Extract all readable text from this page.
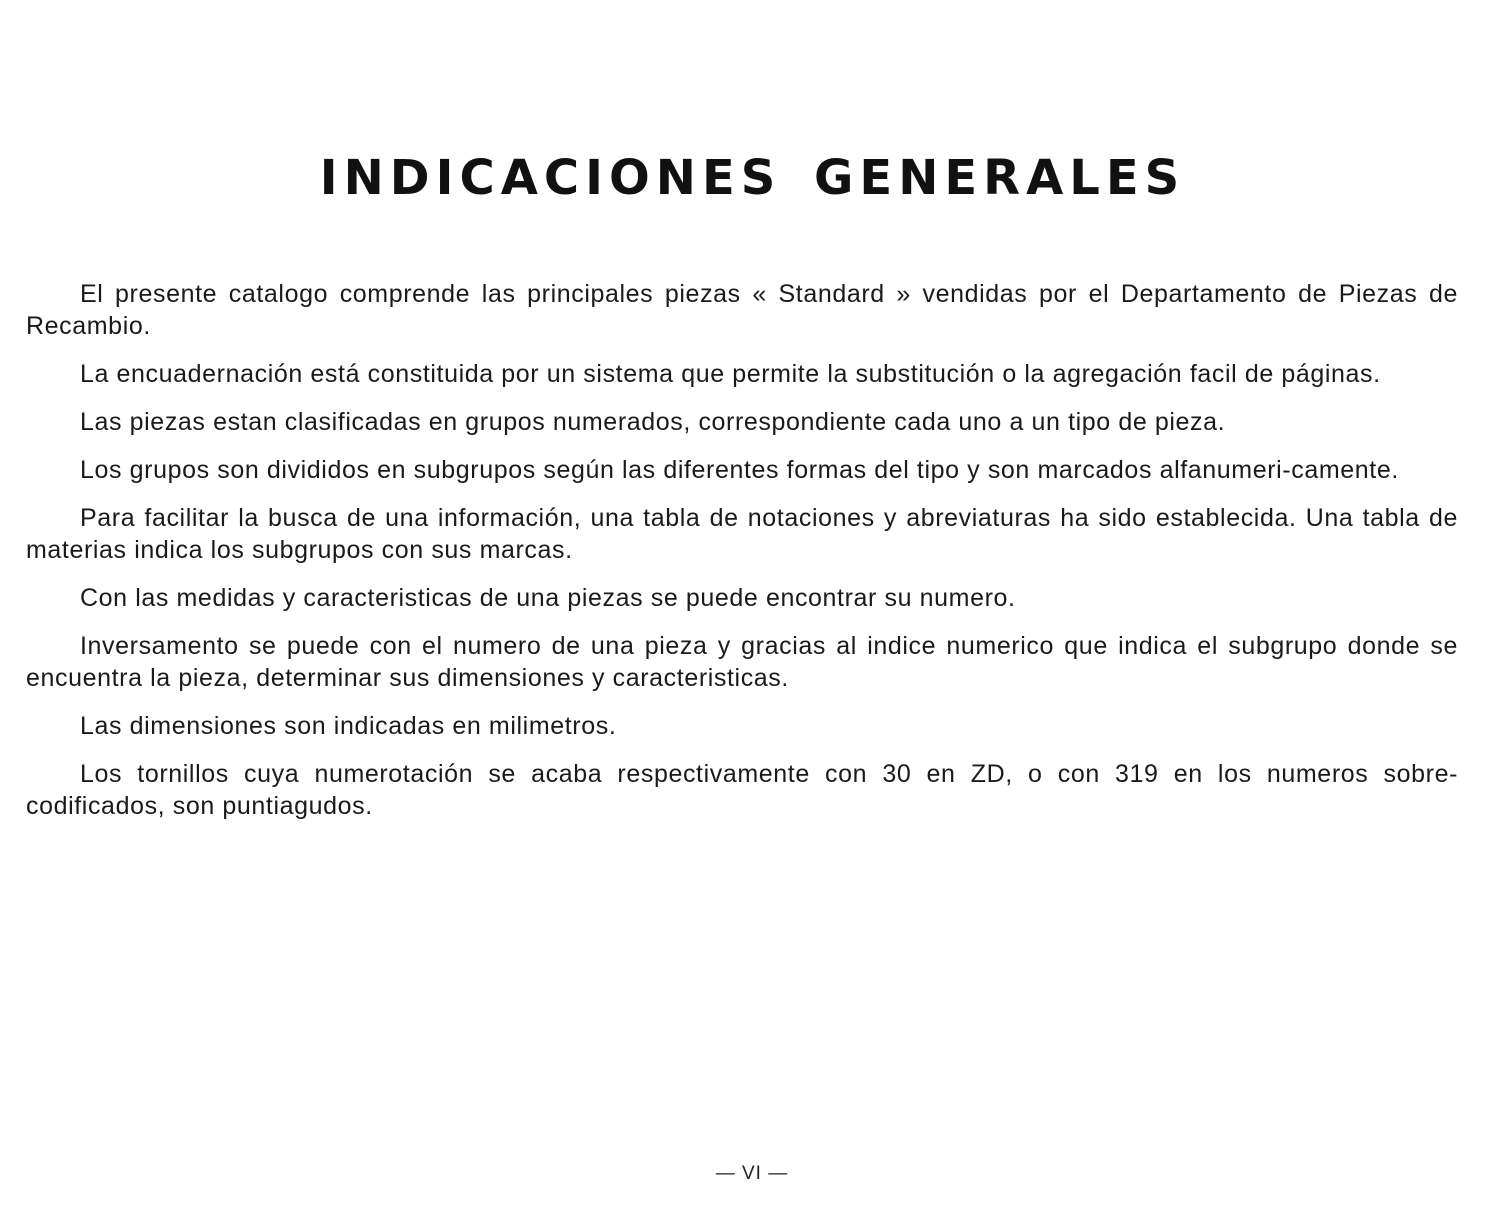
INDICACIONES GENERALES

El presente catalogo comprende las principales piezas « Standard » vendidas por el Departamento de Piezas de Recambio.

La encuadernación está constituida por un sistema que permite la substitución o la agregación facil de páginas.

Las piezas estan clasificadas en grupos numerados, correspondiente cada uno a un tipo de pieza.

Los grupos son divididos en subgrupos según las diferentes formas del tipo y son marcados alfanumeri-camente.

Para facilitar la busca de una información, una tabla de notaciones y abreviaturas ha sido establecida. Una tabla de materias indica los subgrupos con sus marcas.

Con las medidas y caracteristicas de una piezas se puede encontrar su numero.

Inversamento se puede con el numero de una pieza y gracias al indice numerico que indica el subgrupo donde se encuentra la pieza, determinar sus dimensiones y caracteristicas.

Las dimensiones son indicadas en milimetros.

Los tornillos cuya numerotación se acaba respectivamente con 30 en ZD, o con 319 en los numeros sobre-codificados, son puntiagudos.

— VI —
